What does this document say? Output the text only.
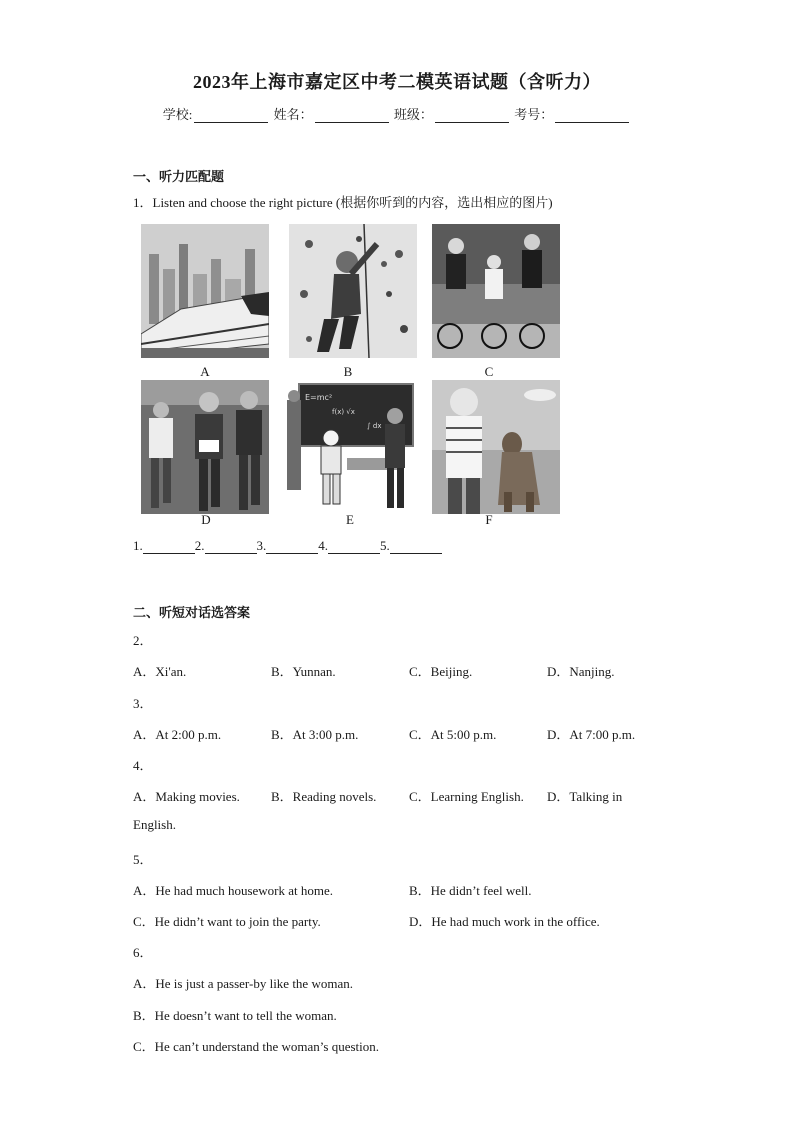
2023年上海市嘉定区中考二模英语试题（含听力）
学校:	姓名：	班级：	考号：
一、听力匹配题
1．Listen and choose the right picture (根据你听到的内容，选出相应的图片)
A	B	C
D
E=mc²
f(x) √x
∫ dx
E	F
1.	2.	3.	4.	5.
二、听短对话选答案
2．
A．Xi'an.	B．Yunnan.	C．Beijing.	D．Nanjing.
3．
A．At 2:00 p.m.	B．At 3:00 p.m.	C．At 5:00 p.m.	D．At 7:00 p.m.
4．
A．Making movies. B．Reading novels.	C．Learning English. D．Talking in
English.
5．
A．He had much housework at home.	B．He didn’t feel well.
C．He didn’t want to join the party.	D．He had much work in the office.
6．
A．He is just a passer-by like the woman.
B．He doesn’t want to tell the woman.
C．He can’t understand the woman’s question.
